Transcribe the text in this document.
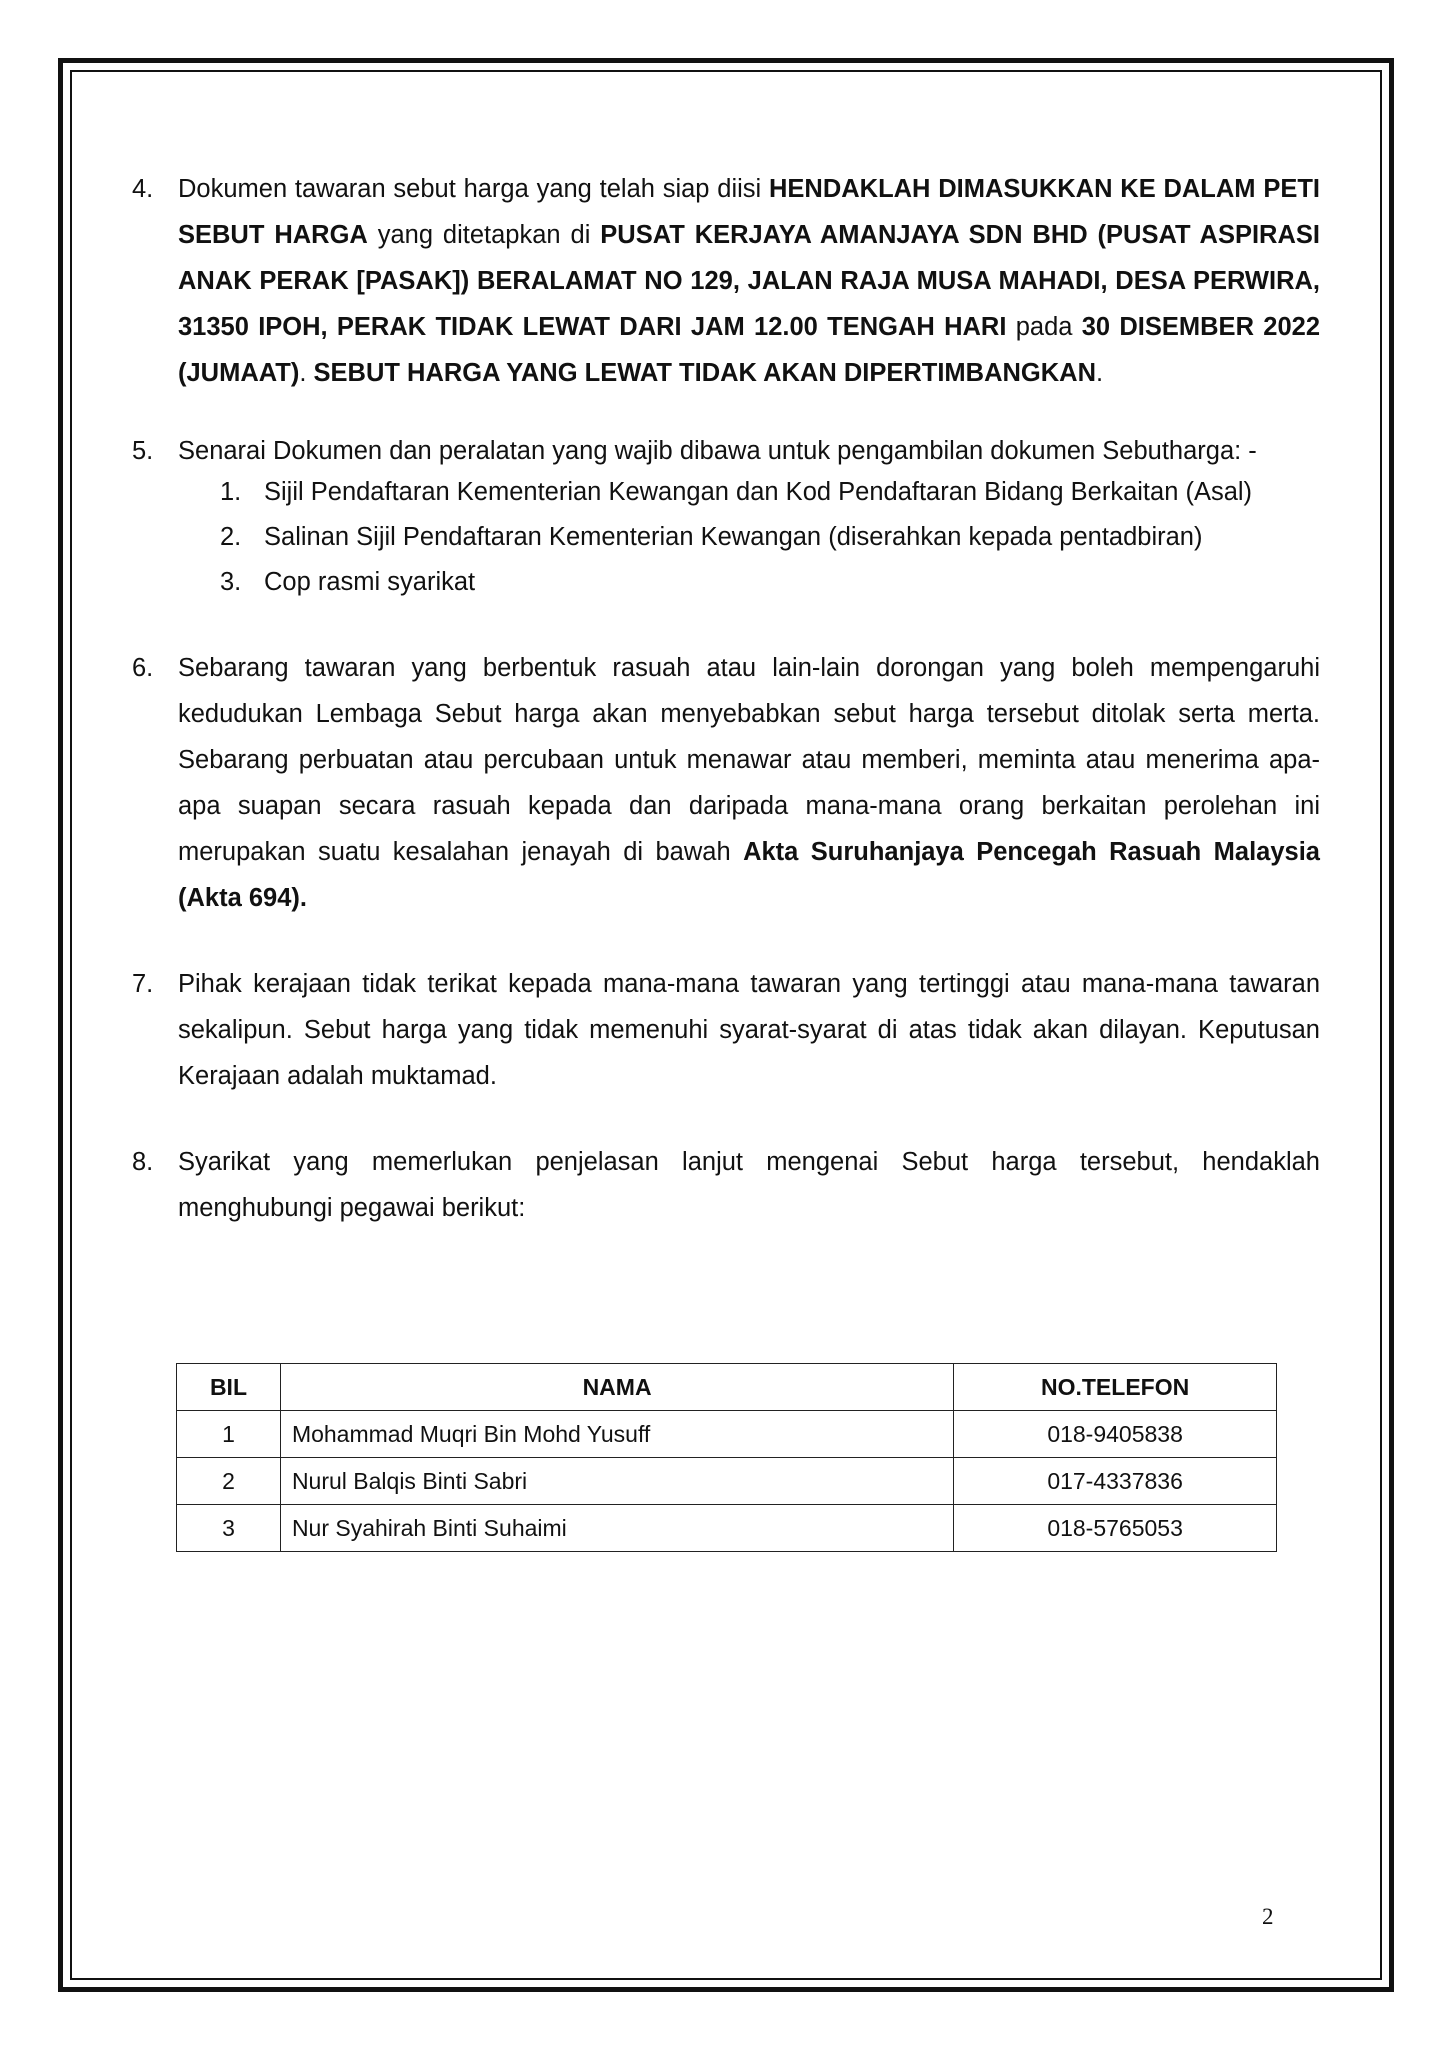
4. Dokumen tawaran sebut harga yang telah siap diisi HENDAKLAH DIMASUKKAN KE DALAM PETI SEBUT HARGA yang ditetapkan di PUSAT KERJAYA AMANJAYA SDN BHD (PUSAT ASPIRASI ANAK PERAK [PASAK]) BERALAMAT NO 129, JALAN RAJA MUSA MAHADI, DESA PERWIRA, 31350 IPOH, PERAK TIDAK LEWAT DARI JAM 12.00 TENGAH HARI pada 30 DISEMBER 2022 (JUMAAT). SEBUT HARGA YANG LEWAT TIDAK AKAN DIPERTIMBANGKAN.
5. Senarai Dokumen dan peralatan yang wajib dibawa untuk pengambilan dokumen Sebutharga: -
1. Sijil Pendaftaran Kementerian Kewangan dan Kod Pendaftaran Bidang Berkaitan (Asal)
2. Salinan Sijil Pendaftaran Kementerian Kewangan (diserahkan kepada pentadbiran)
3. Cop rasmi syarikat
6. Sebarang tawaran yang berbentuk rasuah atau lain-lain dorongan yang boleh mempengaruhi kedudukan Lembaga Sebut harga akan menyebabkan sebut harga tersebut ditolak serta merta. Sebarang perbuatan atau percubaan untuk menawar atau memberi, meminta atau menerima apa-apa suapan secara rasuah kepada dan daripada mana-mana orang berkaitan perolehan ini merupakan suatu kesalahan jenayah di bawah Akta Suruhanjaya Pencegah Rasuah Malaysia (Akta 694).
7. Pihak kerajaan tidak terikat kepada mana-mana tawaran yang tertinggi atau mana-mana tawaran sekalipun. Sebut harga yang tidak memenuhi syarat-syarat di atas tidak akan dilayan. Keputusan Kerajaan adalah muktamad.
8. Syarikat yang memerlukan penjelasan lanjut mengenai Sebut harga tersebut, hendaklah menghubungi pegawai berikut:
BIL	NAMA	NO.TELEFON
1	Mohammad Muqri Bin Mohd Yusuff	018-9405838
2	Nurul Balqis Binti Sabri	017-4337836
3	Nur Syahirah Binti Suhaimi	018-5765053
2
